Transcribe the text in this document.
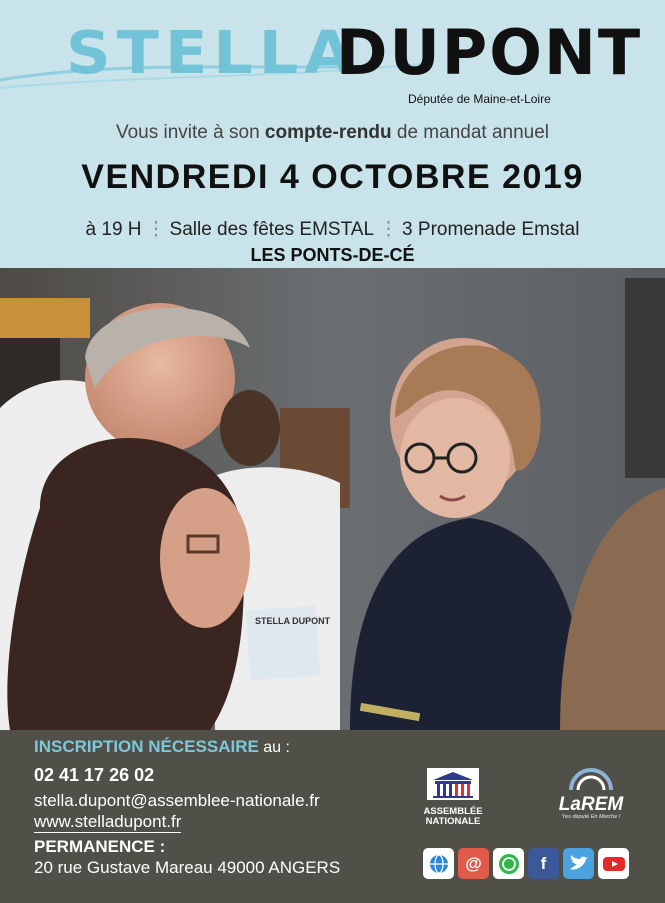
STELLA
DUPONT
Députée de Maine-et-Loire
Vous invite à son compte-rendu de mandat annuel
VENDREDI 4 OCTOBRE 2019
à 19 H ⋮ Salle des fêtes EMSTAL ⋮ 3 Promenade Emstal
LES PONTS-DE-CÉ
STELLA DUPONT
INSCRIPTION NÉCESSAIRE au :
02 41 17 26 02
stella.dupont@assemblee-nationale.fr
www.stelladupont.fr
PERMANENCE :
20 rue Gustave Mareau 49000 ANGERS
ASSEMBLÉE
NATIONALE
LaREM
Yes député En Marche !
@	f
